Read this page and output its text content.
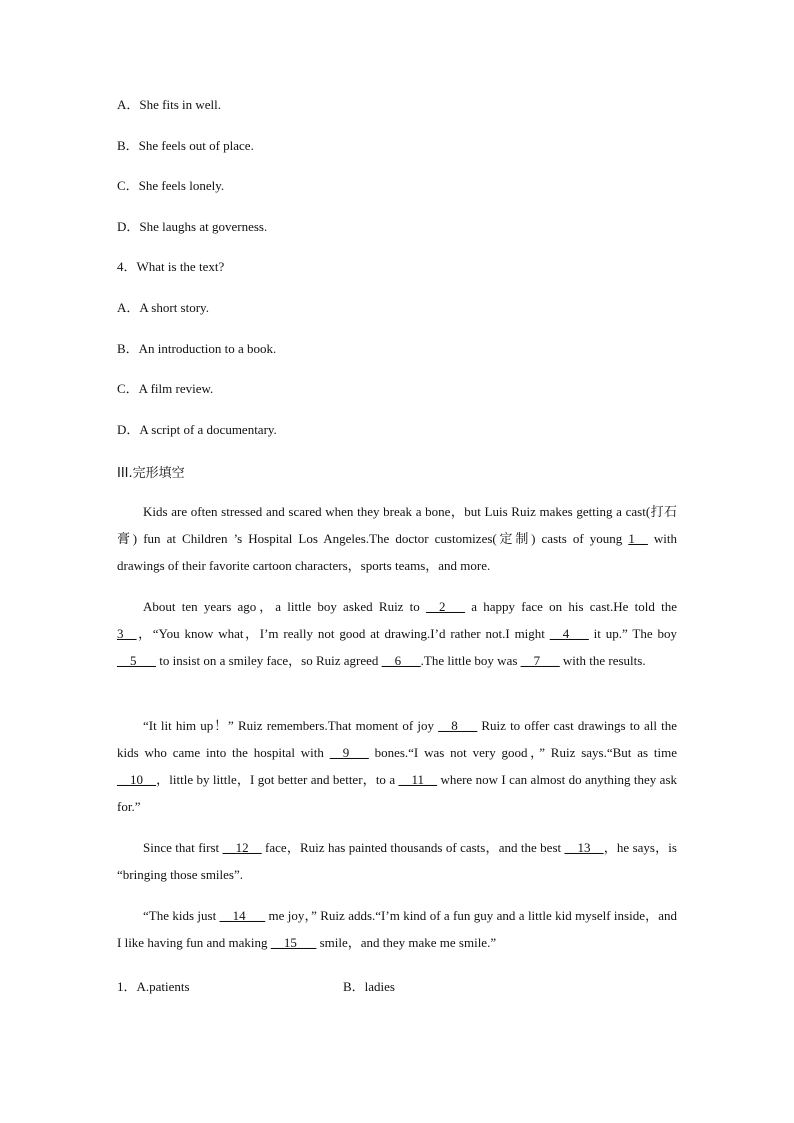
A．She fits in well.
B．She feels out of place.
C．She feels lonely.
D．She laughs at governess.
4．What is the text?
A．A short story.
B．An introduction to a book.
C．A film review.
D．A script of a documentary.
III.完形填空
Kids are often stressed and scared when they break a bone，but Luis Ruiz makes getting a cast(打石膏) fun at Children ’s Hospital Los Angeles.The doctor customizes(定制) casts of young 1__ with drawings of their favorite cartoon characters，sports teams，and more.
About ten years ago，a little boy asked Ruiz to __2___ a happy face on his cast.He told the 3__，“You know what，I’m really not good at drawing.I’d rather not.I might __4___ it up.” The boy __5___ to insist on a smiley face，so Ruiz agreed __6___.The little boy was __7___ with the results.
“It lit him up！” Ruiz remembers.That moment of joy __8___ Ruiz to offer cast drawings to all the kids who came into the hospital with __9___ bones.“I was not very good，” Ruiz says.“But as time __10__，little by little，I got better and better，to a __11__ where now I can almost do anything they ask for.”
Since that first __12__ face，Ruiz has painted thousands of casts，and the best __13__，he says，is “bringing those smiles”.
“The kids just __14___ me joy，” Ruiz adds.“I’m kind of a fun guy and a little kid myself inside，and I like having fun and making __15___ smile，and they make me smile.”
1．A.patients	B．ladies
